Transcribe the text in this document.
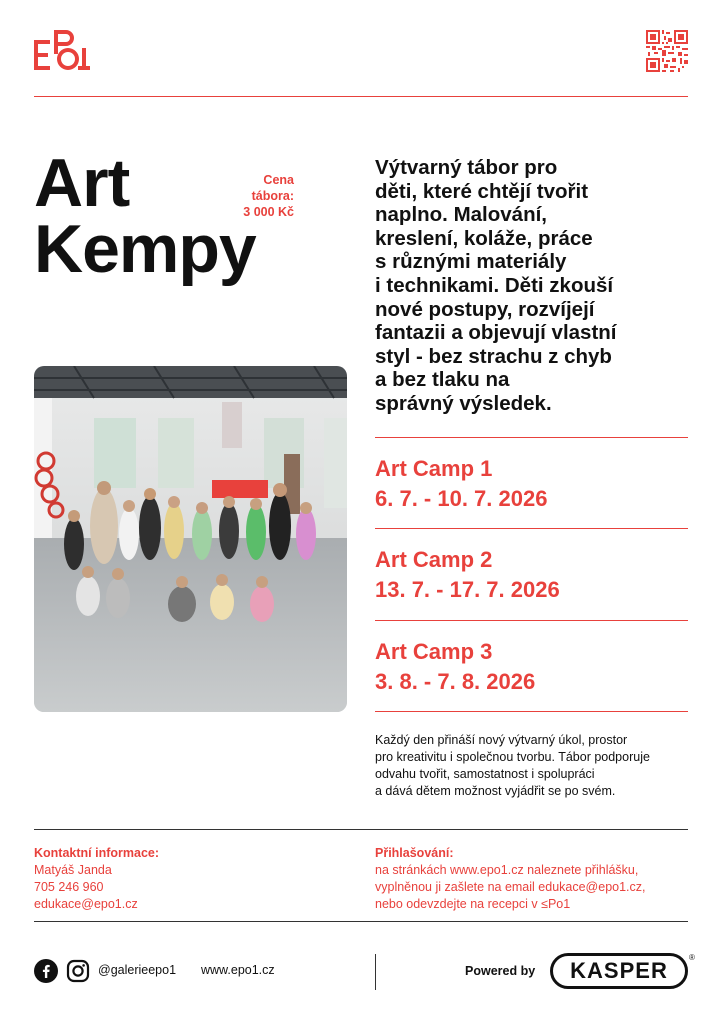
Art
Kempy
Cena
tábora:
3 000 Kč
Výtvarný tábor pro
děti, které chtějí tvořit
naplno. Malování,
kreslení, koláže, práce
s různými materiály
i technikami. Děti zkouší
nové postupy, rozvíjejí
fantazii a objevují vlastní
styl - bez strachu z chyb
a bez tlaku na
správný výsledek.
Art Camp 1
6. 7. - 10. 7. 2026
Art Camp 2
13. 7. - 17. 7. 2026
Art Camp 3
3. 8. - 7. 8. 2026
Každý den přináší nový výtvarný úkol, prostor
pro kreativitu i společnou tvorbu. Tábor podporuje
odvahu tvořit, samostatnost i spolupráci
a dává dětem možnost vyjádřit se po svém.
Kontaktní informace:
Matyáš Janda
705 246 960
edukace@epo1.cz
Přihlašování:
na stránkách www.epo1.cz naleznete přihlášku,
vyplněnou ji zašlete na email edukace@epo1.cz,
nebo odevzdejte na recepci v ≤Po1
@galerieepo1 www.epo1.cz	Powered by KASPER
®
